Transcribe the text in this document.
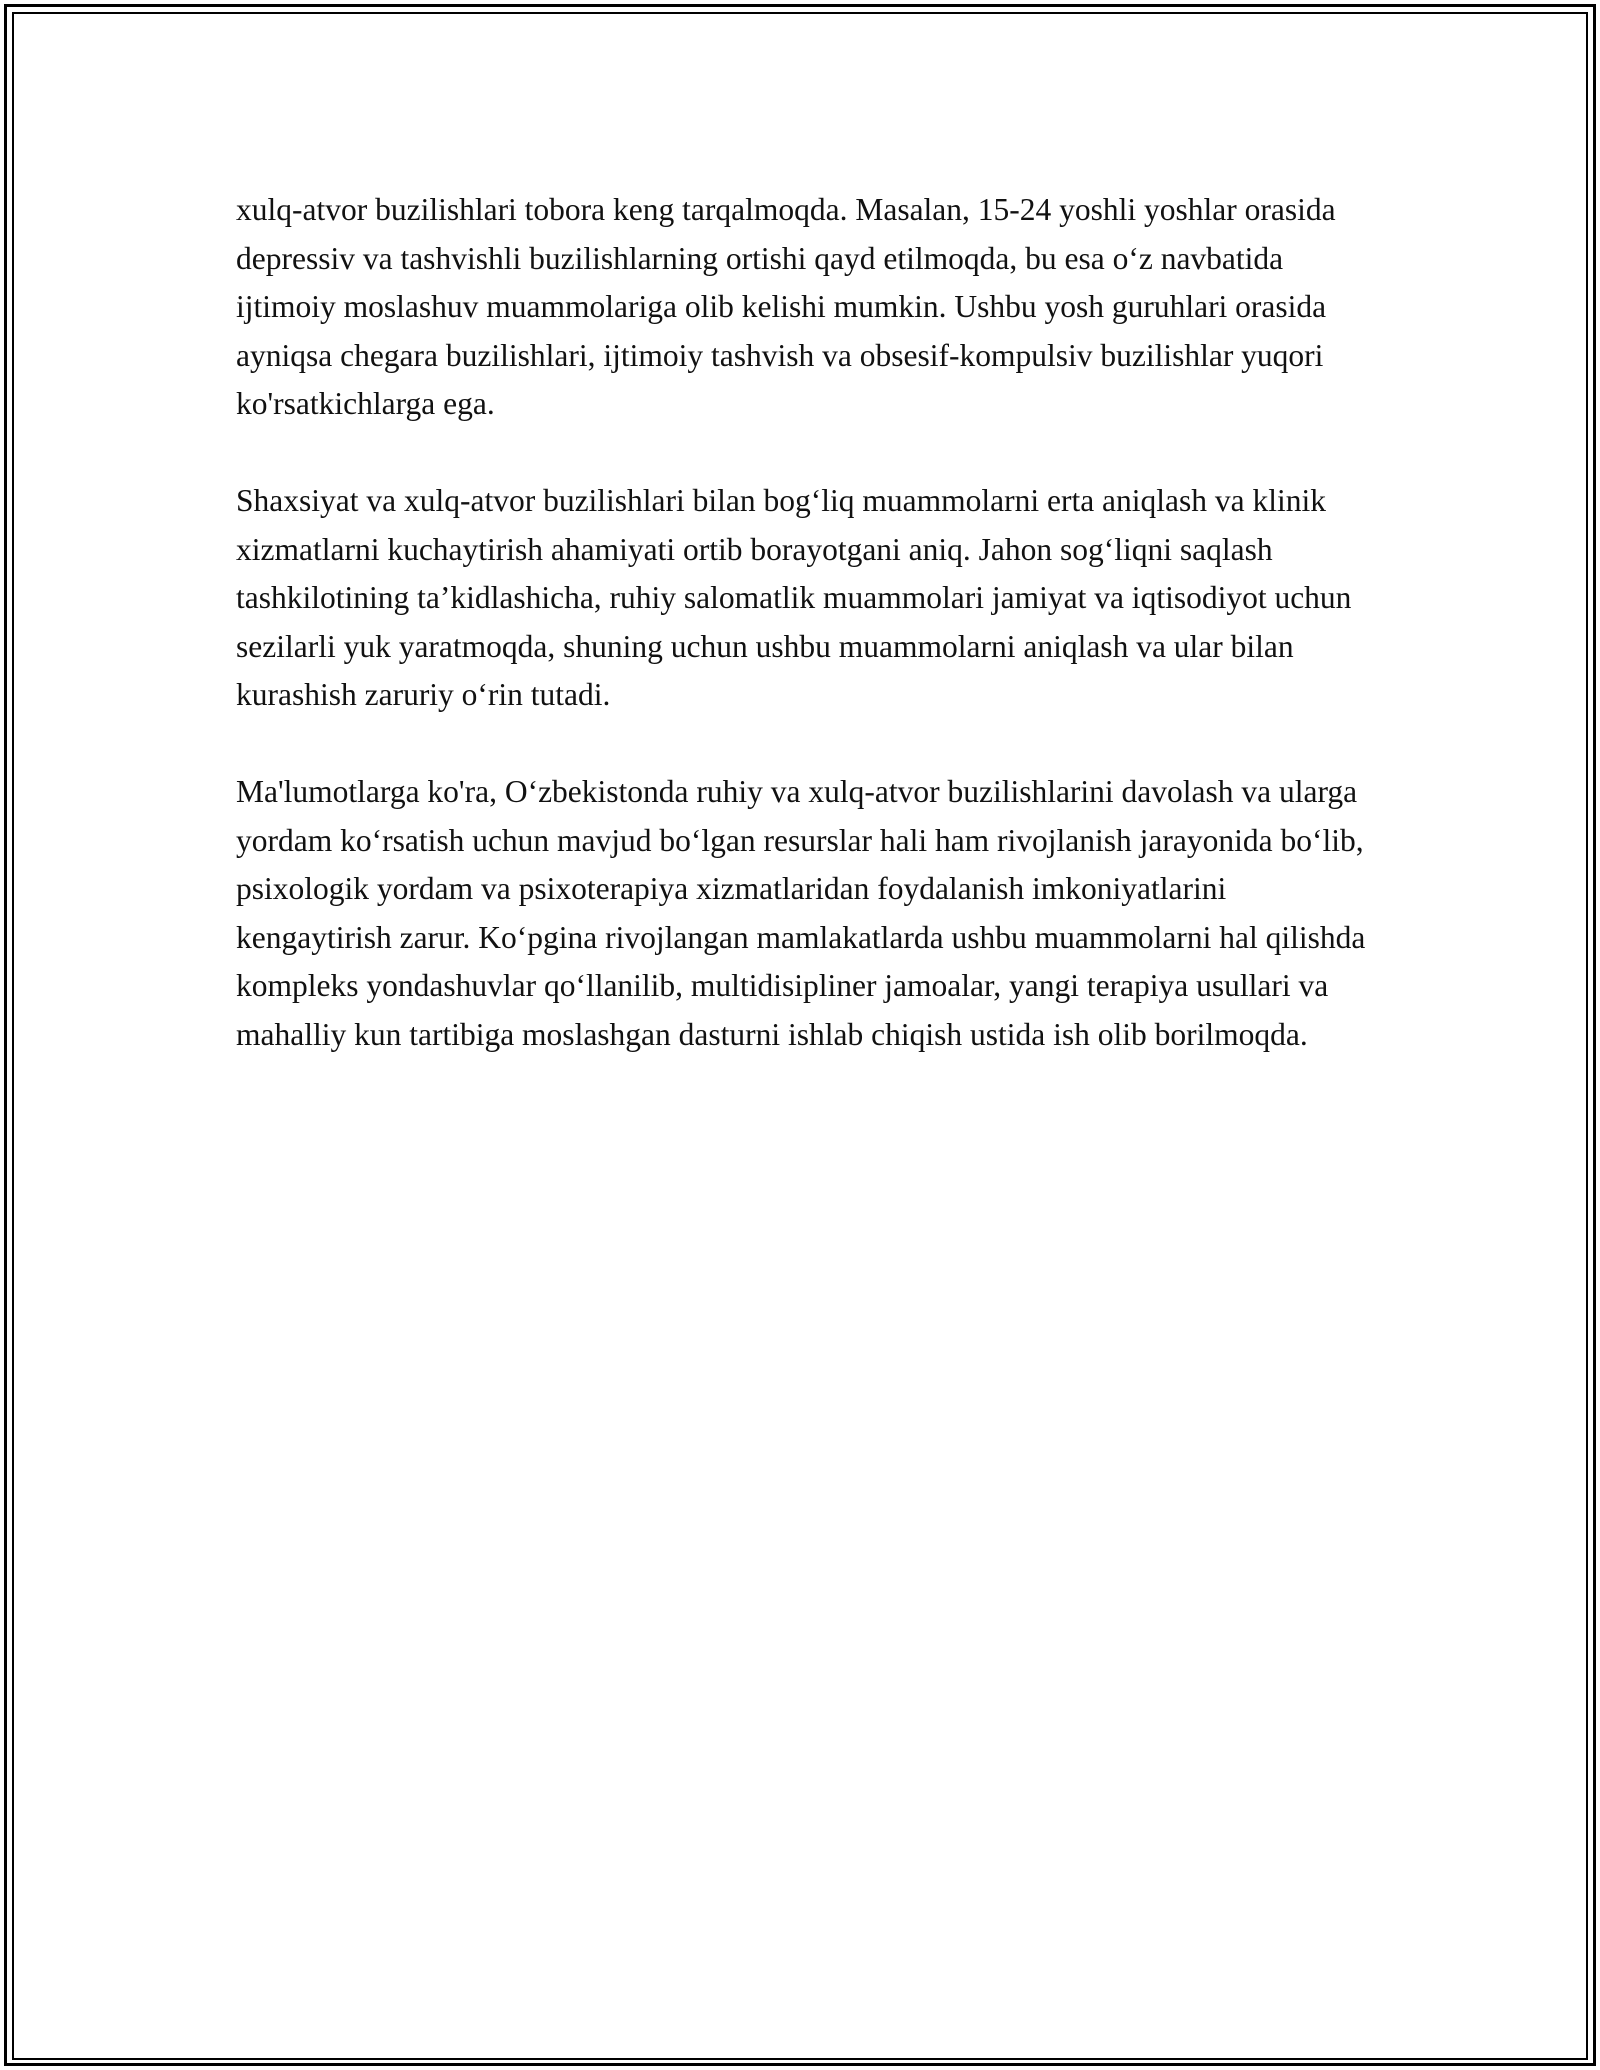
xulq-atvor buzilishlari tobora keng tarqalmoqda. Masalan, 15-24 yoshli yoshlar orasida depressiv va tashvishli buzilishlarning ortishi qayd etilmoqda, bu esa o‘z navbatida ijtimoiy moslashuv muammolariga olib kelishi mumkin. Ushbu yosh guruhlari orasida ayniqsa chegara buzilishlari, ijtimoiy tashvish va obsesif-kompulsiv buzilishlar yuqori ko'rsatkichlarga ega.

Shaxsiyat va xulq-atvor buzilishlari bilan bog‘liq muammolarni erta aniqlash va klinik xizmatlarni kuchaytirish ahamiyati ortib borayotgani aniq. Jahon sog‘liqni saqlash tashkilotining ta’kidlashicha, ruhiy salomatlik muammolari jamiyat va iqtisodiyot uchun sezilarli yuk yaratmoqda, shuning uchun ushbu muammolarni aniqlash va ular bilan kurashish zaruriy o‘rin tutadi.

Ma'lumotlarga ko'ra, O‘zbekistonda ruhiy va xulq-atvor buzilishlarini davolash va ularga yordam ko‘rsatish uchun mavjud bo‘lgan resurslar hali ham rivojlanish jarayonida bo‘lib, psixologik yordam va psixoterapiya xizmatlaridan foydalanish imkoniyatlarini kengaytirish zarur. Ko‘pgina rivojlangan mamlakatlarda ushbu muammolarni hal qilishda kompleks yondashuvlar qo‘llanilib, multidisipliner jamoalar, yangi terapiya usullari va mahalliy kun tartibiga moslashgan dasturni ishlab chiqish ustida ish olib borilmoqda.
